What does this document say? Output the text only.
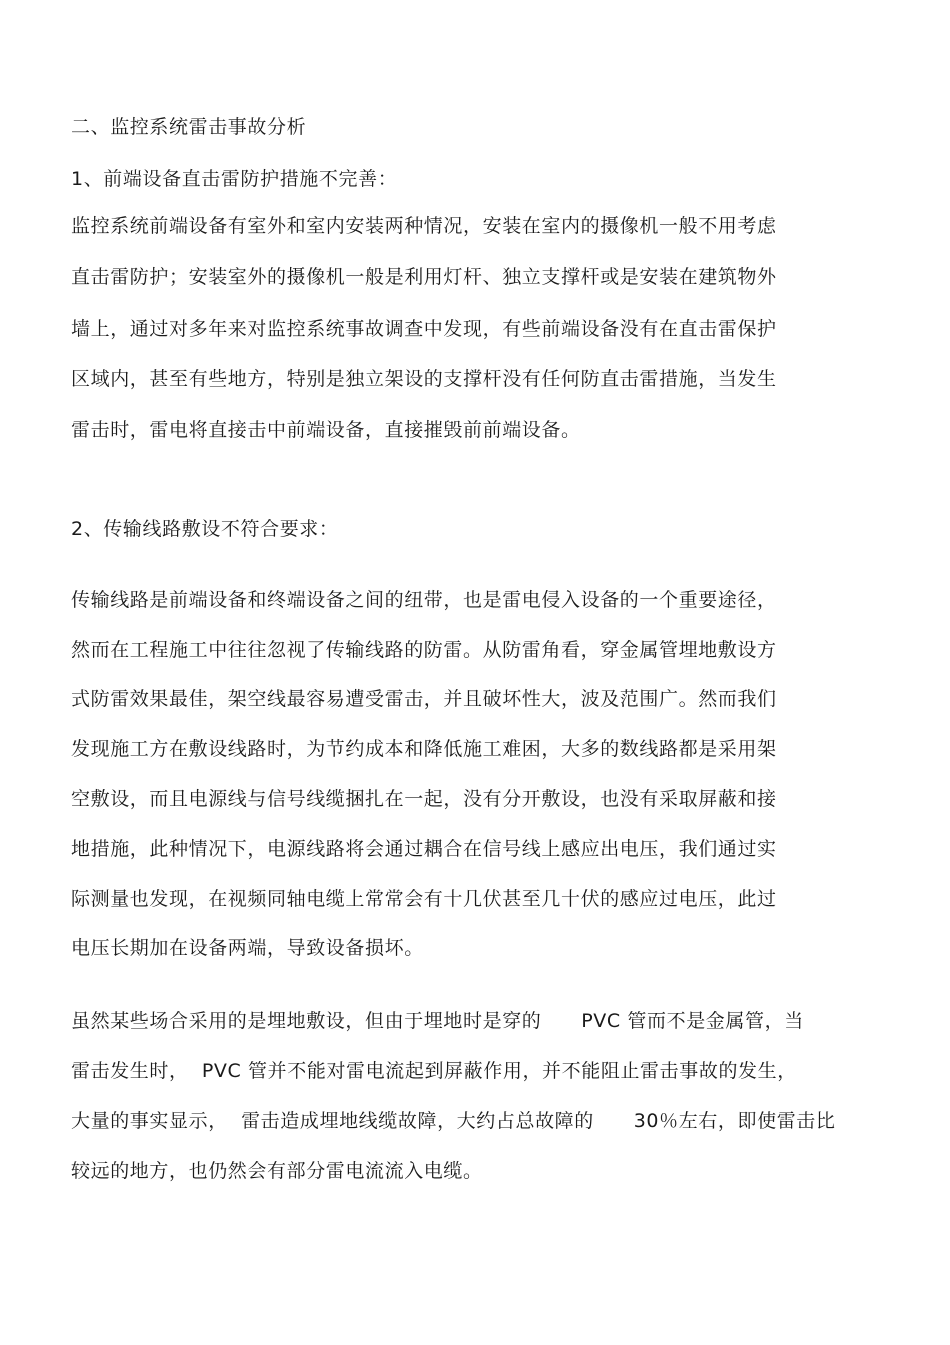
二、监控系统雷击事故分析
1、前端设备直击雷防护措施不完善：
监控系统前端设备有室外和室内安装两种情况，安装在室内的摄像机一般不用考虑
直击雷防护；安装室外的摄像机一般是利用灯杆、独立支撑杆或是安装在建筑物外
墙上，通过对多年来对监控系统事故调查中发现，有些前端设备没有在直击雷保护
区域内，甚至有些地方，特别是独立架设的支撑杆没有任何防直击雷措施，当发生
雷击时，雷电将直接击中前端设备，直接摧毁前前端设备。
2、传输线路敷设不符合要求：
传输线路是前端设备和终端设备之间的纽带，也是雷电侵入设备的一个重要途径，
然而在工程施工中往往忽视了传输线路的防雷。从防雷角看，穿金属管埋地敷设方
式防雷效果最佳，架空线最容易遭受雷击，并且破坏性大，波及范围广。然而我们
发现施工方在敷设线路时，为节约成本和降低施工难困，大多的数线路都是采用架
空敷设，而且电源线与信号线缆捆扎在一起，没有分开敷设，也没有采取屏蔽和接
地措施，此种情况下，电源线路将会通过耦合在信号线上感应出电压，我们通过实
际测量也发现，在视频同轴电缆上常常会有十几伏甚至几十伏的感应过电压，此过
电压长期加在设备两端，导致设备损坏。
虽然某些场合采用的是埋地敷设，但由于埋地时是穿的      PVC 管而不是金属管，当
雷击发生时，  PVC 管并不能对雷电流起到屏蔽作用，并不能阻止雷击事故的发生，
大量的事实显示，  雷击造成埋地线缆故障，大约占总故障的      30％左右，即使雷击比
较远的地方，也仍然会有部分雷电流流入电缆。
